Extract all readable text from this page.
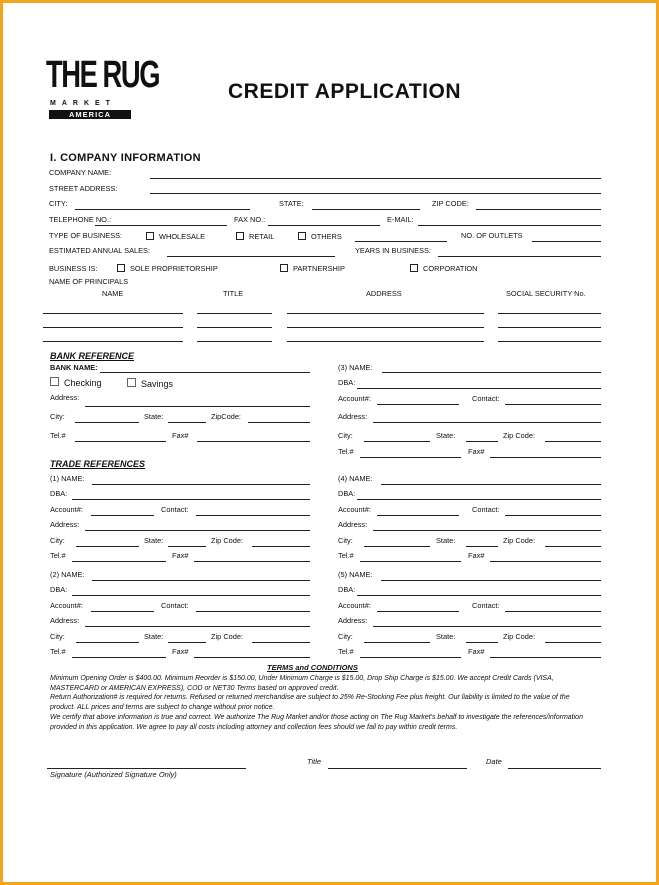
THE RUG
MARKET
AMERICA
CREDIT APPLICATION
I. COMPANY INFORMATION
COMPANY NAME:
STREET ADDRESS:
CITY:	STATE:	ZIP CODE:
TELEPHONE NO.:	FAX NO.:	E-MAIL:
TYPE OF BUSINESS:	WHOLESALE	RETAIL	OTHERS	NO. OF OUTLETS
ESTIMATED ANNUAL SALES:	YEARS IN BUSINESS:
BUSINESS IS:	SOLE PROPRIETORSHIP	PARTNERSHIP	CORPORATION
NAME OF PRINCIPALS
NAME	TITLE	ADDRESS	SOCIAL SECURITY No.
BANK REFERENCE
BANK NAME:
Checking	Savings
Address:
City:	State:	ZipCode:
Tel.#	Fax#
(3) NAME:
DBA:
Account#:	Contact:
Address:
City:	State:	Zip Code:
Tel.#	Fax#
TRADE REFERENCES
(1) NAME:
DBA:
Account#:	Contact:
Address:
City:	State:	Zip Code:
Tel.#	Fax#
(4) NAME:
DBA:
Account#:	Contact:
Address:
City:	State:	Zip Code:
Tel.#	Fax#
(2) NAME:
DBA:
Account#:	Contact:
Address:
City:	State:	Zip Code:
Tel.#	Fax#
(5) NAME:
DBA:
Account#:	Contact:
Address:
City:	State:	Zip Code:
Tel.#	Fax#
TERMS and CONDITIONS
Minimum Opening Order is $400.00. Minimum Reorder is $150.00, Under Minimum Charge is $15.00, Drop Ship Charge is $15.00. We accept Credit Cards (VISA, MASTERCARD or AMERICAN EXPRESS), COD or NET30 Terms based on approved credit.
Return Authorization# is required for returns. Refused or returned merchandise are subject to 25% Re-Stocking Fee plus freight. Our liability is limited to the value of the product. ALL prices and terms are subject to change without prior notice.
We certify that above information is true and correct. We authorize The Rug Market and/or those acting on The Rug Market's behalf to investigate the references/information provided in this application. We agree to pay all costs including attorney and collection fees should we fail to pay within credit terms.
Signature (Authorized Signature Only)
Title	Date
